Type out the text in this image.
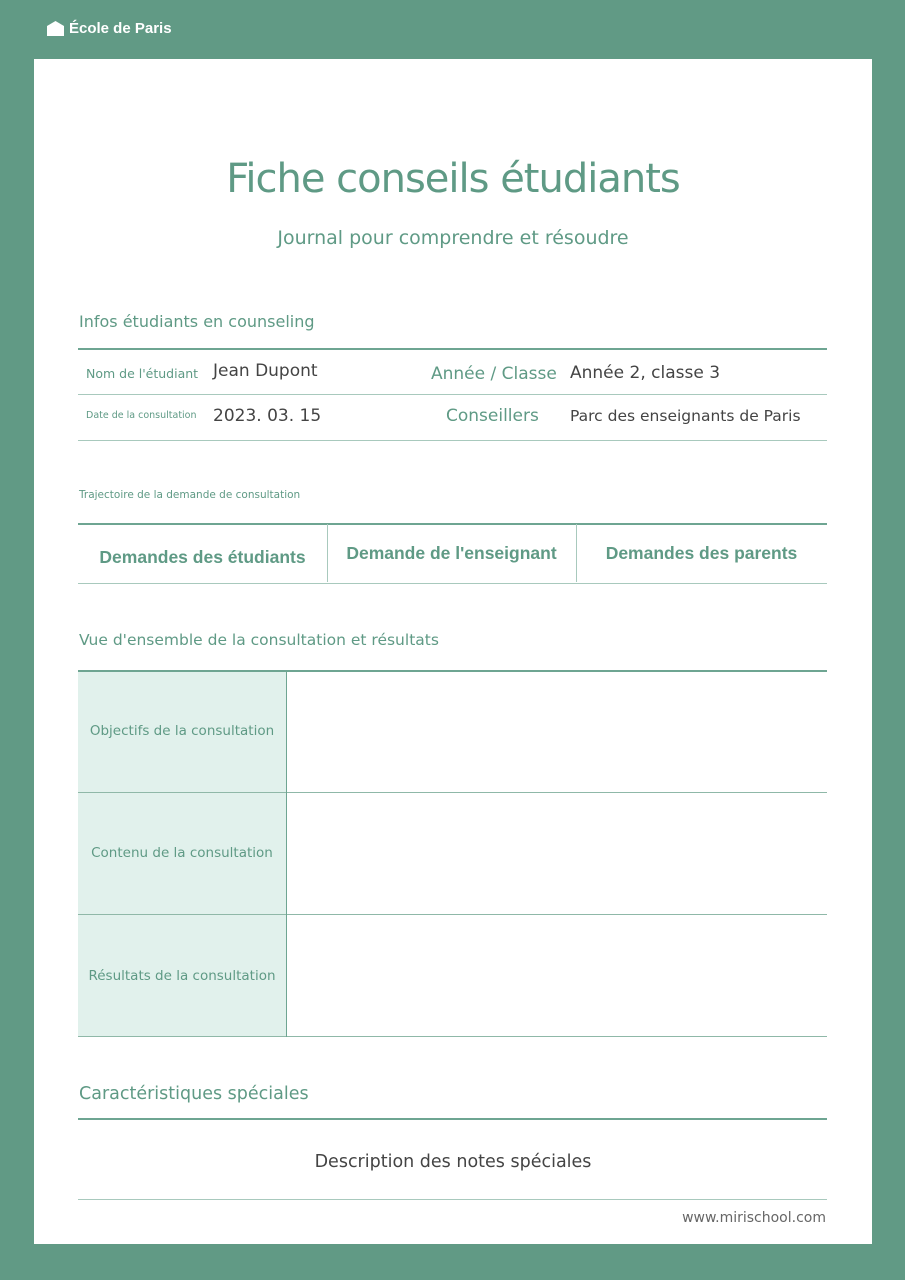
École de Paris
Fiche conseils étudiants
Journal pour comprendre et résoudre
Infos étudiants en counseling
Nom de l'étudiant Jean Dupont	Année / Classe Année 2, classe 3
Date de la consultation 2023. 03. 15	Conseillers Parc des enseignants de Paris
Trajectoire de la demande de consultation
Demandes des étudiants	Demande de l'enseignant	Demandes des parents
Vue d'ensemble de la consultation et résultats
Objectifs de la consultation
Contenu de la consultation
Résultats de la consultation
Caractéristiques spéciales
Description des notes spéciales
www.mirischool.com
